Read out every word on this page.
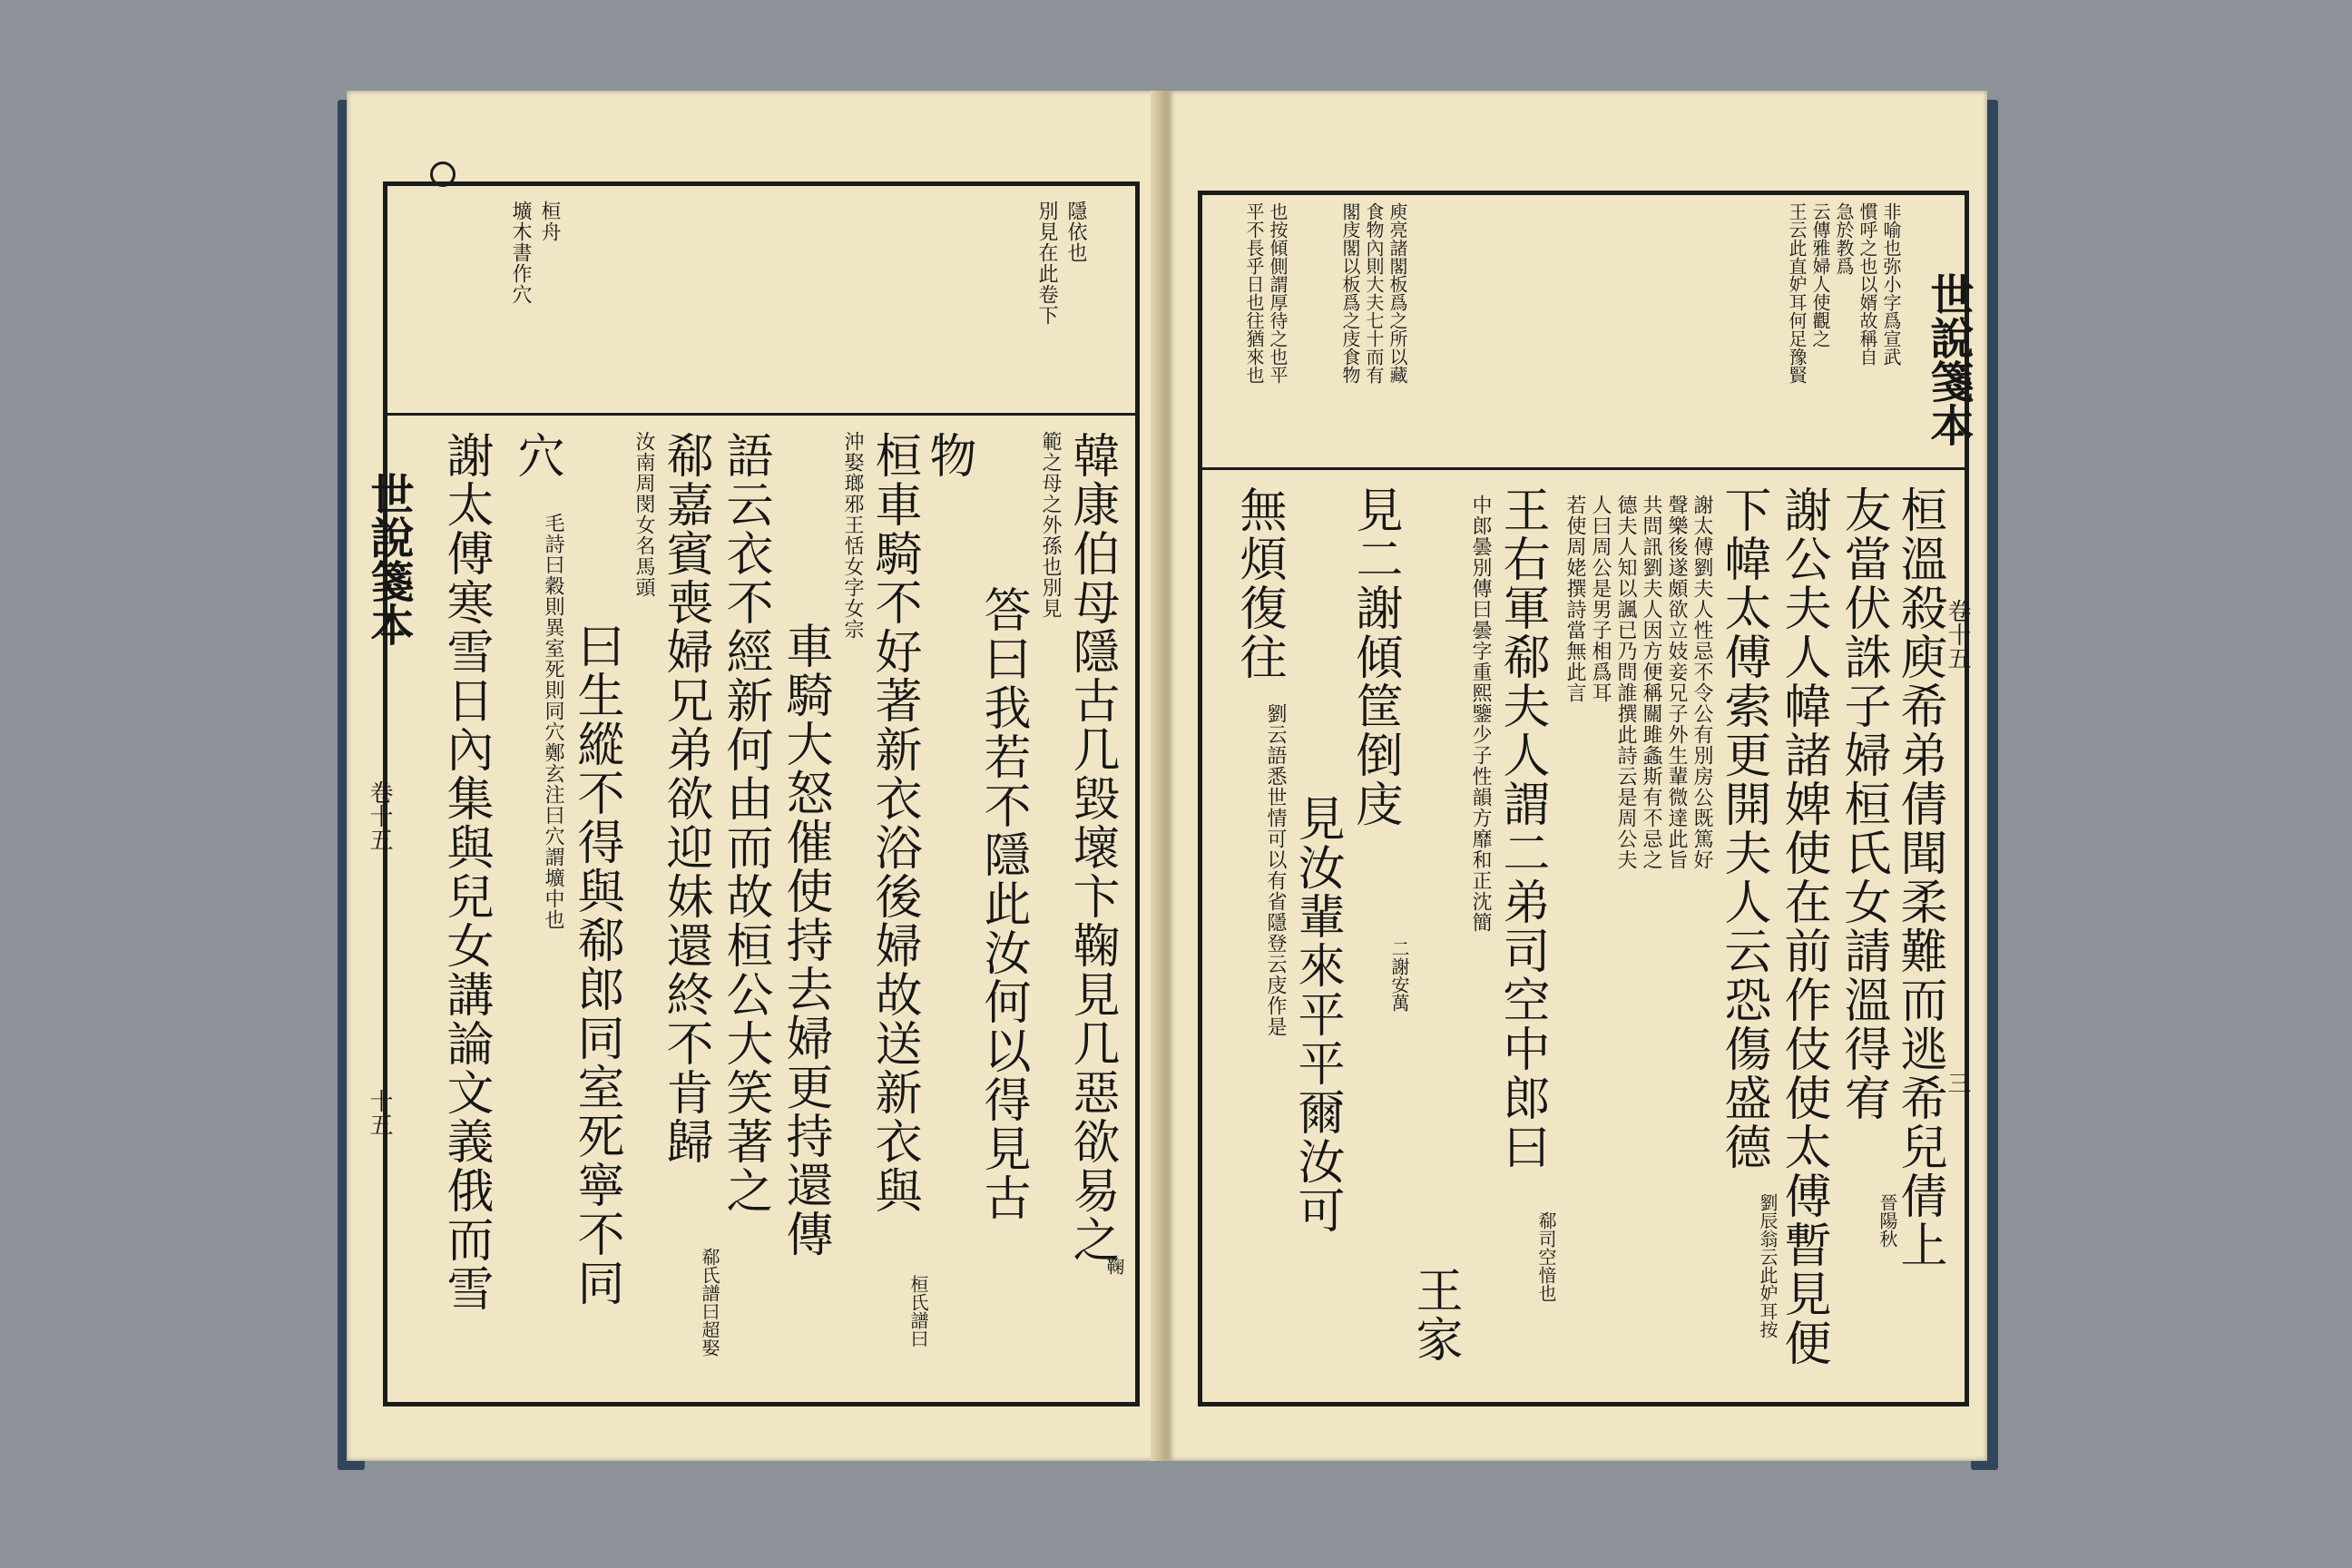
隱依也
別見在此卷下
桓舟
壙木書作穴
韓康伯母隱古几毀壞卞鞠見几惡欲易之
鞠
範之母之外孫也別見
答曰我若不隱此汝何以得見古
物
桓車騎不好著新衣浴後婦故送新衣與
桓氏譜曰
沖娶瑯邪王恬女字女宗
車騎大怒催使持去婦更持還傳
語云衣不經新何由而故桓公大笑著之
郗嘉賓喪婦兄弟欲迎妹還終不肯歸
郗氏譜曰超娶
汝南周閔女名馬頭
曰生縱不得與郗郎同室死寧不同
穴
毛詩曰穀則異室死則同穴鄭玄注曰穴謂壙中也
謝太傅寒雪日內集與兒女講論文義俄而雪
世說箋本
卷十五
十五
非喻也弥小字爲宣武
慣呼之也以婿故稱自
急於教爲
云傳雅婦人使觀之
王云此直妒耳何足豫賢
庾亮諸閣板爲之所以藏
食物內則大夫七十而有
閣庋閣以板爲之庋食物
也按傾側謂厚待之也平
平不長乎日也往猶來也
桓溫殺庾希弟倩聞柔難而逃希兒倩上
友當伏誅子婦桓氏女請溫得宥
晉陽秋
謝公夫人幃諸婢使在前作伎使太傅暫見便
下幃太傅索更開夫人云恐傷盛德
劉辰翁云此妒耳按
謝太傅劉夫人性忌不令公有別房公既篤好
聲樂後遂頗欲立妓妾兄子外生輩微達此旨
共問訊劉夫人因方便稱關雎螽斯有不忌之
德夫人知以諷已乃問誰撰此詩云是周公夫
人曰周公是男子相爲耳
若使周姥撰詩當無此言
王右軍郗夫人謂二弟司空中郎曰
郗司空愔也
中郎曇別傳曰曇字重熙鑒少子性韻方靡和正沈簡
王家
見二謝傾筐倒庋
二謝安萬
見汝輩來平平爾汝可
無煩復往
劉云語悉世情可以有省隱登云庋作是
世說箋本
卷十五
三
